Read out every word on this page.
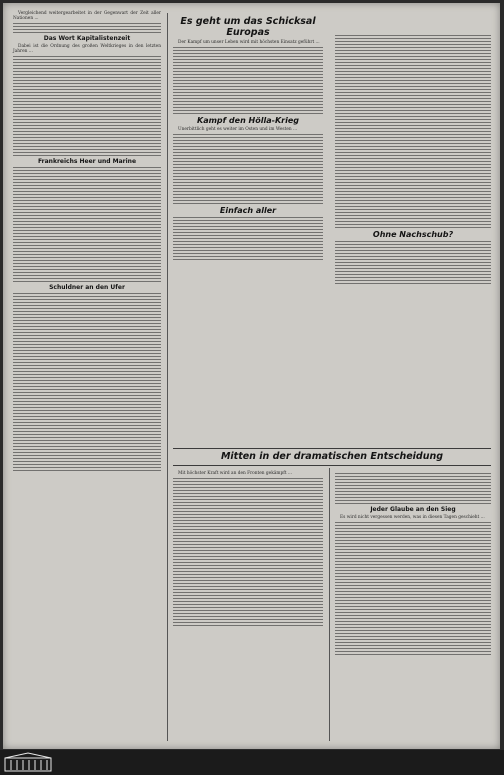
Vergleichend weitergearbeitet in der Gegenwart der Zeit aller Nationen ...

Das Wort Kapitalistenzeit

Dabei ist die Ordnung des großen Weltkrieges in den letzten Jahren ...

Frankreichs Heer und Marine
Schuldner an den Ufer
Es geht um das Schicksal Europas

Der Kampf um unser Leben wird mit höchsten Einsatz geführt ...

Kampf den Hölla-Krieg

Unerbittlich geht es weiter im Osten und im Westen ...

Einfach aller
Ohne Nachschub?
Mitten in der dramatischen Entscheidung

Mit höchster Kraft wird an den Fronten gekämpft ...

Jeder Glaube an den Sieg

Es wird nicht vergessen werden, was in diesen Tagen geschieht ...
